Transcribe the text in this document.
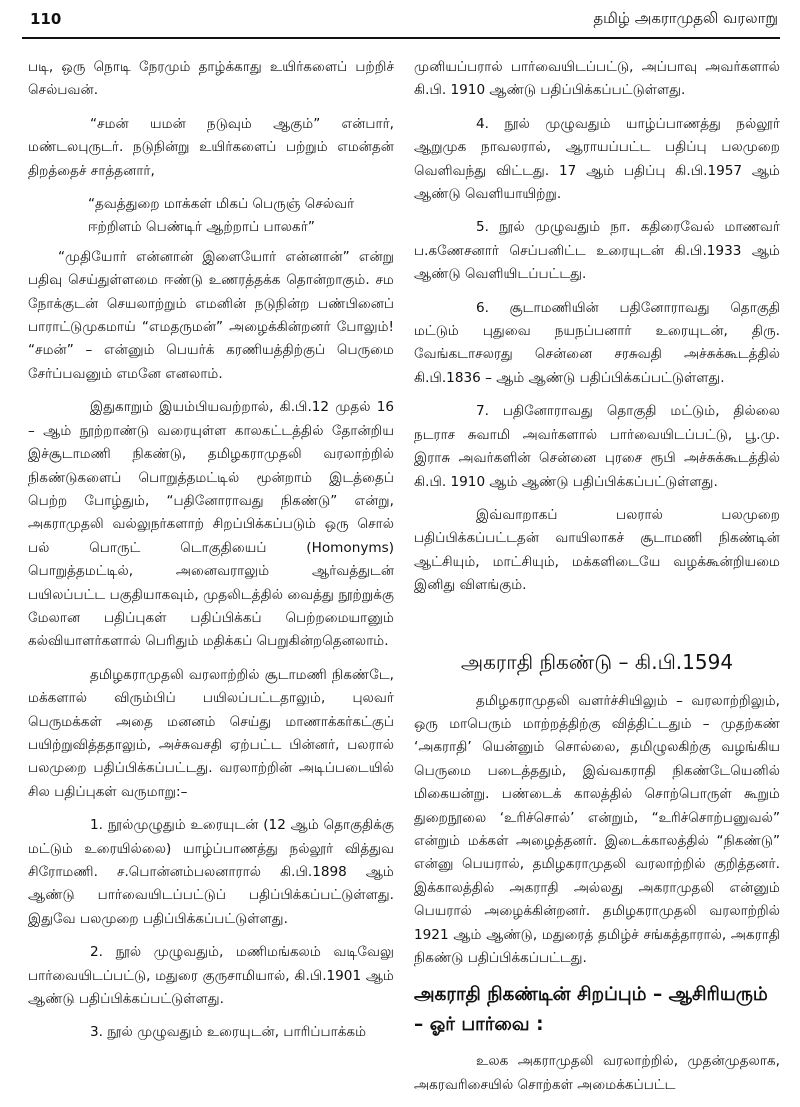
110	தமிழ் அகராமுதலி வரலாறு

படி, ஒரு நொடி நேரமும் தாழ்க்காது உயிர்களைப் பற்றிச் செல்பவன்.

“சமன் யமன் நடுவும் ஆகும்” என்பார், மண்டலபுருடர். நடுநின்று உயிர்களைப் பற்றும் எமன்தன் திறத்தைச் சாத்தனார்,

“தவத்துறை மாக்கள் மிகப் பெருஞ் செல்வர் ஈற்றிளம் பெண்டிர் ஆற்றாப் பாலகர்”

“முதியோர் என்னான் இளையோர் என்னான்” என்று பதிவு செய்துள்ளமை ஈண்டு உணரத்தக்க தொன்றாகும். சம நோக்குடன் செயலாற்றும் எமனின் நடுநின்ற பண்பினைப் பாராட்டுமுகமாய் “எமதருமன்” அழைக்கின்றனர் போலும்! “சமன்” – என்னும் பெயர்க் கரணியத்திற்குப் பெருமை சேர்ப்பவனும் எமனே எனலாம்.

இதுகாறும் இயம்பியவற்றால், கி.பி.12 முதல் 16 – ஆம் நூற்றாண்டு வரையுள்ள காலகட்டத்தில் தோன்றிய இச்சூடாமணி நிகண்டு, தமிழகராமுதலி வரலாற்றில் நிகண்டுகளைப் பொறுத்தமட்டில் மூன்றாம் இடத்தைப் பெற்ற போழ்தும், “பதினோராவது நிகண்டு” என்று, அகராமுதலி வல்லுநர்களாற் சிறப்பிக்கப்படும் ஒரு சொல் பல் பொருட் டொகுதியைப் (Homonyms) பொறுத்தமட்டில், அனைவராலும் ஆர்வத்துடன் பயிலப்பட்ட பகுதியாகவும், முதலிடத்தில் வைத்து நூற்றுக்கு மேலான பதிப்புகள் பதிப்பிக்கப் பெற்றமையானும் கல்வியாளர்களால் பெரிதும் மதிக்கப் பெறுகின்றதெனலாம்.

தமிழகராமுதலி வரலாற்றில் சூடாமணி நிகண்டே, மக்களால் விரும்பிப் பயிலப்பட்டதாலும், புலவர் பெருமக்கள் அதை மனனம் செய்து மாணாக்கர்கட்குப் பயிற்றுவித்ததாலும், அச்சுவசதி ஏற்பட்ட பின்னர், பலரால் பலமுறை பதிப்பிக்கப்பட்டது. வரலாற்றின் அடிப்படையில் சில பதிப்புகள் வருமாறு:–

1. நூல்முழுதும் உரையுடன் (12 ஆம் தொகுதிக்கு மட்டும் உரையில்லை) யாழ்ப்பாணத்து நல்லூர் வித்துவ சிரோமணி. ச.பொன்னம்பலனாரால் கி.பி.1898 ஆம் ஆண்டு பார்வையிடப்பட்டுப் பதிப்பிக்கப்பட்டுள்ளது. இதுவே பலமுறை பதிப்பிக்கப்பட்டுள்ளது.

2. நூல் முழுவதும், மணிமங்கலம் வடிவேலு பார்வையிடப்பட்டு, மதுரை குருசாமியால், கி.பி.1901 ஆம் ஆண்டு பதிப்பிக்கப்பட்டுள்ளது.

3. நூல் முழுவதும் உரையுடன், பாரிப்பாக்கம்

முனியப்பரால் பார்வையிடப்பட்டு, அப்பாவு அவர்களால் கி.பி. 1910 ஆண்டு பதிப்பிக்கப்பட்டுள்ளது.

4. நூல் முழுவதும் யாழ்ப்பாணத்து நல்லூர் ஆறுமுக நாவலரால், ஆராயப்பட்ட பதிப்பு பலமுறை வெளிவந்து விட்டது. 17 ஆம் பதிப்பு கி.பி.1957 ஆம் ஆண்டு வெளியாயிற்று.

5. நூல் முழுவதும் நா. கதிரைவேல் மாணவர் ப.கணேசனார் செப்பனிட்ட உரையுடன் கி.பி.1933 ஆம் ஆண்டு வெளியிடப்பட்டது.

6. சூடாமணியின் பதினோராவது தொகுதி மட்டும் புதுவை நயநப்பனார் உரையுடன், திரு. வேங்கடாசலரது சென்னை சரசுவதி அச்சுக்கூடத்தில் கி.பி.1836 – ஆம் ஆண்டு பதிப்பிக்கப்பட்டுள்ளது.

7. பதினோராவது தொகுதி மட்டும், தில்லை நடராச சுவாமி அவர்களால் பார்வையிடப்பட்டு, பூ.மு. இராசு அவர்களின் சென்னை புரசை ரூபி அச்சுக்கூடத்தில் கி.பி. 1910 ஆம் ஆண்டு பதிப்பிக்கப்பட்டுள்ளது.

இவ்வாறாகப் பலரால் பலமுறை பதிப்பிக்கப்பட்டதன் வாயிலாகச் சூடாமணி நிகண்டின் ஆட்சியும், மாட்சியும், மக்களிடையே வழக்கூன்றியமை இனிது விளங்கும்.

அகராதி நிகண்டு – கி.பி.1594

தமிழகராமுதலி வளர்ச்சியிலும் – வரலாற்றிலும், ஒரு மாபெரும் மாற்றத்திற்கு வித்திட்டதும் – முதற்கண் ‘அகராதி’ யென்னும் சொல்லை, தமிழுலகிற்கு வழங்கிய பெருமை படைத்ததும், இவ்வகராதி நிகண்டேயெனில் மிகையன்று. பண்டைக் காலத்தில் சொற்பொருள் கூறும் துறைநூலை ‘உரிச்சொல்’ என்றும், “உரிச்சொற்பனுவல்” என்றும் மக்கள் அழைத்தனர். இடைக்காலத்தில் “நிகண்டு” என்னு பெயரால், தமிழகராமுதலி வரலாற்றில் குறித்தனர். இக்காலத்தில் அகராதி அல்லது அகராமுதலி என்னும் பெயரால் அழைக்கின்றனர். தமிழகராமுதலி வரலாற்றில் 1921 ஆம் ஆண்டு, மதுரைத் தமிழ்ச் சங்கத்தாரால், அகராதி நிகண்டு பதிப்பிக்கப்பட்டது.

அகராதி நிகண்டின் சிறப்பும் – ஆசிரியரும் – ஓர் பார்வை :

உலக அகராமுதலி வரலாற்றில், முதன்முதலாக, அகரவரிசையில் சொற்கள் அமைக்கப்பட்ட
